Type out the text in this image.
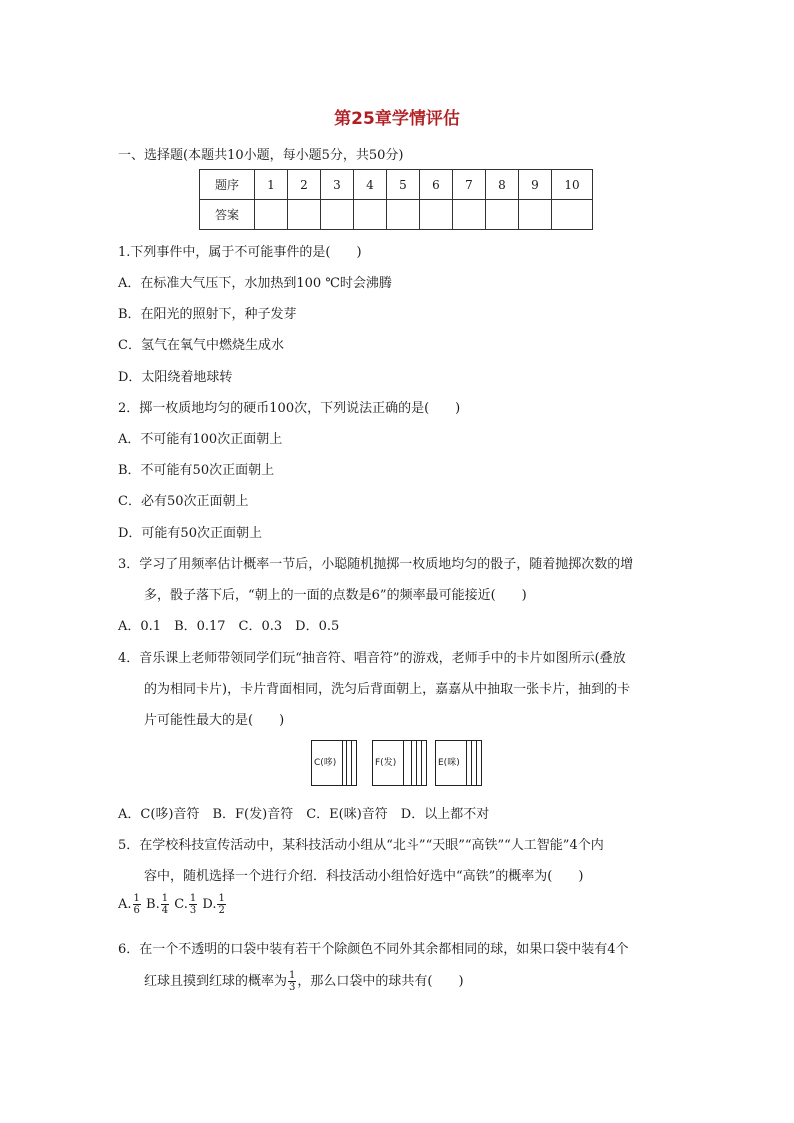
第25章学情评估
一、选择题(本题共10小题，每小题5分，共50分)
题序	1	2	3	4	5	6	7	8	9	10
答案										
1.下列事件中，属于不可能事件的是(　　)
A．在标准大气压下，水加热到100 ℃时会沸腾
B．在阳光的照射下，种子发芽
C．氢气在氧气中燃烧生成水
D．太阳绕着地球转
2．掷一枚质地均匀的硬币100次，下列说法正确的是(　　)
A．不可能有100次正面朝上
B．不可能有50次正面朝上
C．必有50次正面朝上
D．可能有50次正面朝上
3．学习了用频率估计概率一节后，小聪随机抛掷一枚质地均匀的骰子，随着抛掷次数的增
多，骰子落下后，“朝上的一面的点数是6”的频率最可能接近(　　)
A．0.1　B．0.17　C．0.3　D．0.5
4．音乐课上老师带领同学们玩“抽音符、唱音符”的游戏，老师手中的卡片如图所示(叠放
的为相同卡片)，卡片背面相同，洗匀后背面朝上，嘉嘉从中抽取一张卡片，抽到的卡
片可能性最大的是(　　)
C(哆)	F(发)	E(咪)
A．C(哆)音符　B．F(发)音符　C．E(咪)音符　D．以上都不对
5．在学校科技宣传活动中，某科技活动小组从“北斗”“天眼”“高铁”“人工智能”4个内
容中，随机选择一个进行介绍．科技活动小组恰好选中“高铁”的概率为(　　)
A. $\frac{1}{6} B$. $\frac{1}{4} C$. $\frac{1}{3} D$. $\frac{1}{2}$
6．在一个不透明的口袋中装有若干个除颜色不同外其余都相同的球，如果口袋中装有4个
红球且摸到红球的概率为 $\frac{1}{3}$ ，那么口袋中的球共有(　　)
